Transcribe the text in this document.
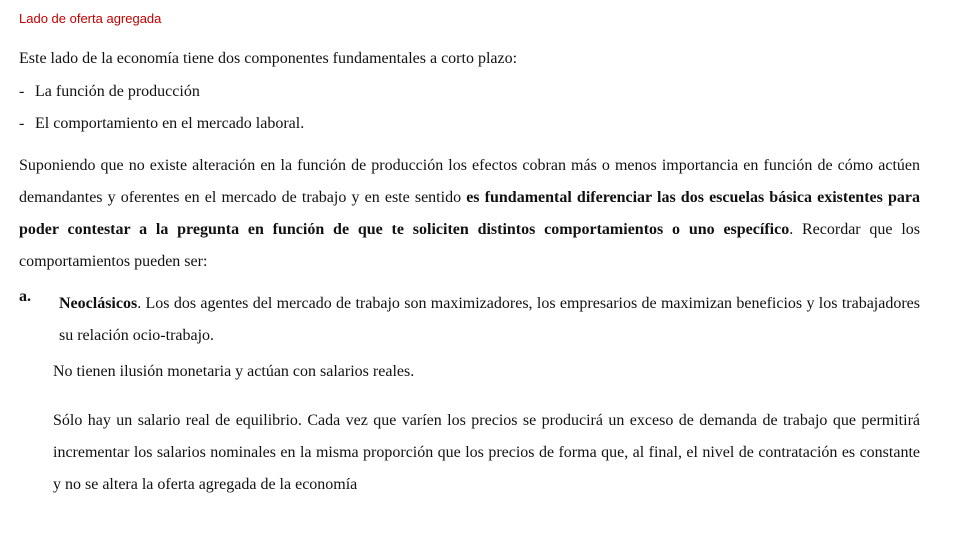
Lado de oferta agregada
Este lado de la economía tiene dos componentes fundamentales a corto plazo:
- La función de producción
- El comportamiento en el mercado laboral.

Suponiendo que no existe alteración en la función de producción los efectos cobran más o menos importancia en función de cómo actúen demandantes y oferentes en el mercado de trabajo y en este sentido es fundamental diferenciar las dos escuelas básica existentes para poder contestar a la pregunta en función de que te soliciten distintos comportamientos o uno específico. Recordar que los comportamientos pueden ser:

a. Neoclásicos. Los dos agentes del mercado de trabajo son maximizadores, los empresarios de maximizan beneficios y los trabajadores su relación ocio-trabajo.

No tienen ilusión monetaria y actúan con salarios reales.

Sólo hay un salario real de equilibrio. Cada vez que varíen los precios se producirá un exceso de demanda de trabajo que permitirá incrementar los salarios nominales en la misma proporción que los precios de forma que, al final, el nivel de contratación es constante y no se altera la oferta agregada de la economía
